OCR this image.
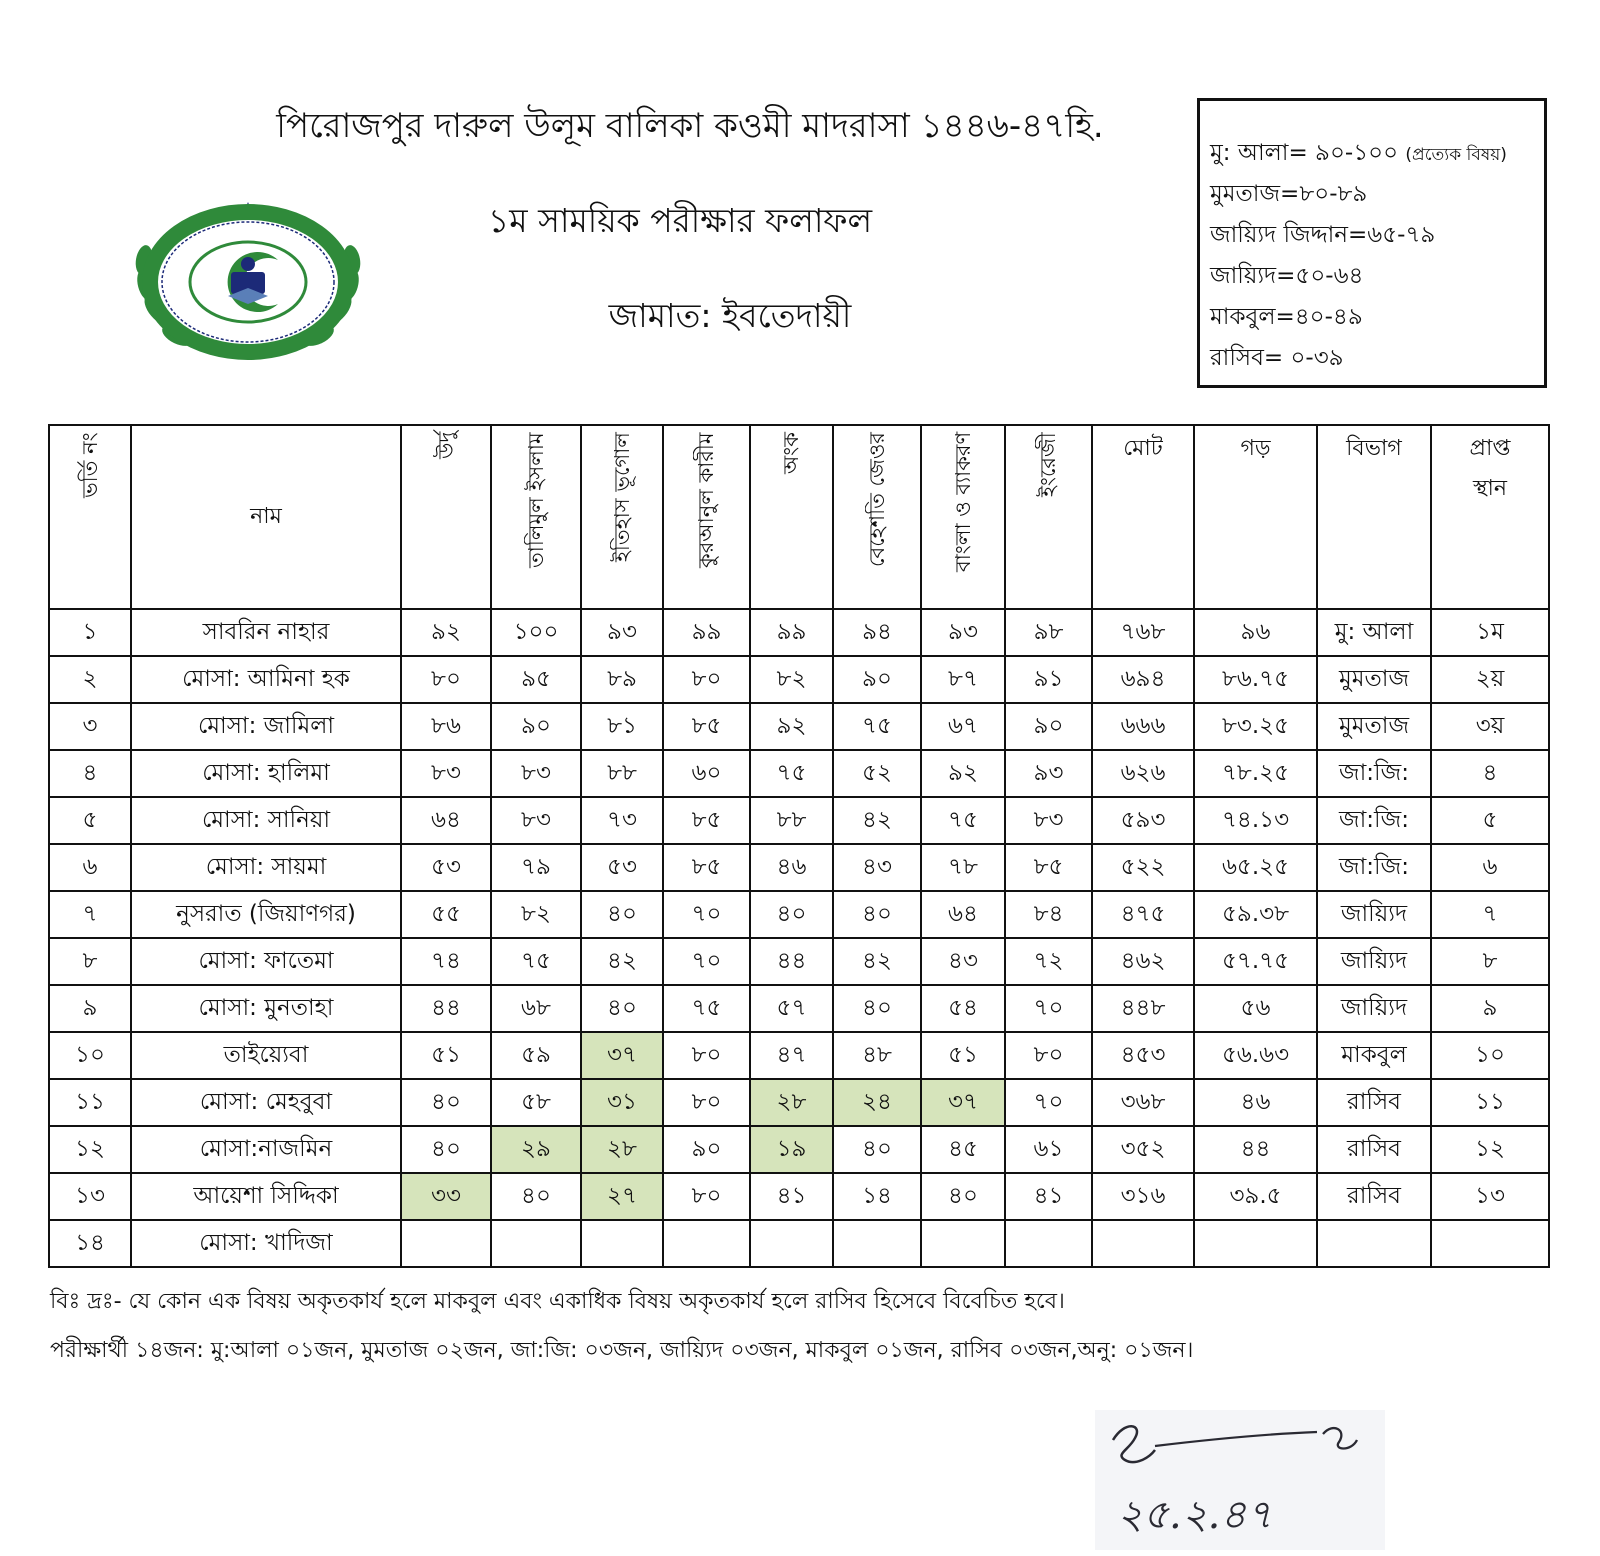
পিরোজপুর দারুল উলূম বালিকা কওমী মাদরাসা ১৪৪৬-৪৭হি.
১ম সাময়িক পরীক্ষার ফলাফল
জামাত: ইবতেদায়ী
মু: আলা= ৯০-১০০ (প্রত্যেক বিষয়)
মুমতাজ=৮০-৮৯
জায়্যিদ জিদ্দান=৬৫-৭৯
জায়্যিদ=৫০-৬৪
মাকবুল=৪০-৪৯
রাসিব= ০-৩৯
ভর্তি নং	নাম	উর্দু	তালিমুল ইসলাম	ইতিহাস ভূগোল	কুরআনুল কারীম	অংক	বেহেশতি জেওর	বাংলা ও ব্যাকরণ	ইংরেজী	মোট	গড়	বিভাগ	প্রাপ্ত
স্থান

১	সাবরিন নাহার	৯২	১০০	৯৩	৯৯	৯৯	৯৪	৯৩	৯৮	৭৬৮	৯৬	মু: আলা	১ম
২	মোসা: আমিনা হক	৮০	৯৫	৮৯	৮০	৮২	৯০	৮৭	৯১	৬৯৪	৮৬.৭৫	মুমতাজ	২য়
৩	মোসা: জামিলা	৮৬	৯০	৮১	৮৫	৯২	৭৫	৬৭	৯০	৬৬৬	৮৩.২৫	মুমতাজ	৩য়
৪	মোসা: হালিমা	৮৩	৮৩	৮৮	৬০	৭৫	৫২	৯২	৯৩	৬২৬	৭৮.২৫	জা:জি:	৪
৫	মোসা: সানিয়া	৬৪	৮৩	৭৩	৮৫	৮৮	৪২	৭৫	৮৩	৫৯৩	৭৪.১৩	জা:জি:	৫
৬	মোসা: সায়মা	৫৩	৭৯	৫৩	৮৫	৪৬	৪৩	৭৮	৮৫	৫২২	৬৫.২৫	জা:জি:	৬
৭	নুসরাত (জিয়াণগর)	৫৫	৮২	৪০	৭০	৪০	৪০	৬৪	৮৪	৪৭৫	৫৯.৩৮	জায়্যিদ	৭
৮	মোসা: ফাতেমা	৭৪	৭৫	৪২	৭০	৪৪	৪২	৪৩	৭২	৪৬২	৫৭.৭৫	জায়্যিদ	৮
৯	মোসা: মুনতাহা	৪৪	৬৮	৪০	৭৫	৫৭	৪০	৫৪	৭০	৪৪৮	৫৬	জায়্যিদ	৯
১০	তাইয়্যেবা	৫১	৫৯	৩৭	৮০	৪৭	৪৮	৫১	৮০	৪৫৩	৫৬.৬৩	মাকবুল	১০
১১	মোসা: মেহবুবা	৪০	৫৮	৩১	৮০	২৮	২৪	৩৭	৭০	৩৬৮	৪৬	রাসিব	১১
১২	মোসা:নাজমিন	৪০	২৯	২৮	৯০	১৯	৪০	৪৫	৬১	৩৫২	৪৪	রাসিব	১২
১৩	আয়েশা সিদ্দিকা	৩৩	৪০	২৭	৮০	৪১	১৪	৪০	৪১	৩১৬	৩৯.৫	রাসিব	১৩
১৪	মোসা: খাদিজা												
বিঃ দ্রঃ- যে কোন এক বিষয় অকৃতকার্য হলে মাকবুল এবং একাধিক বিষয় অকৃতকার্য হলে রাসিব হিসেবে বিবেচিত হবে।
পরীক্ষার্থী ১৪জন: মু:আলা ০১জন, মুমতাজ ০২জন, জা:জি: ০৩জন, জায়্যিদ ০৩জন, মাকবুল ০১জন, রাসিব ০৩জন,অনু: ০১জন।
২৫.২.৪৭
